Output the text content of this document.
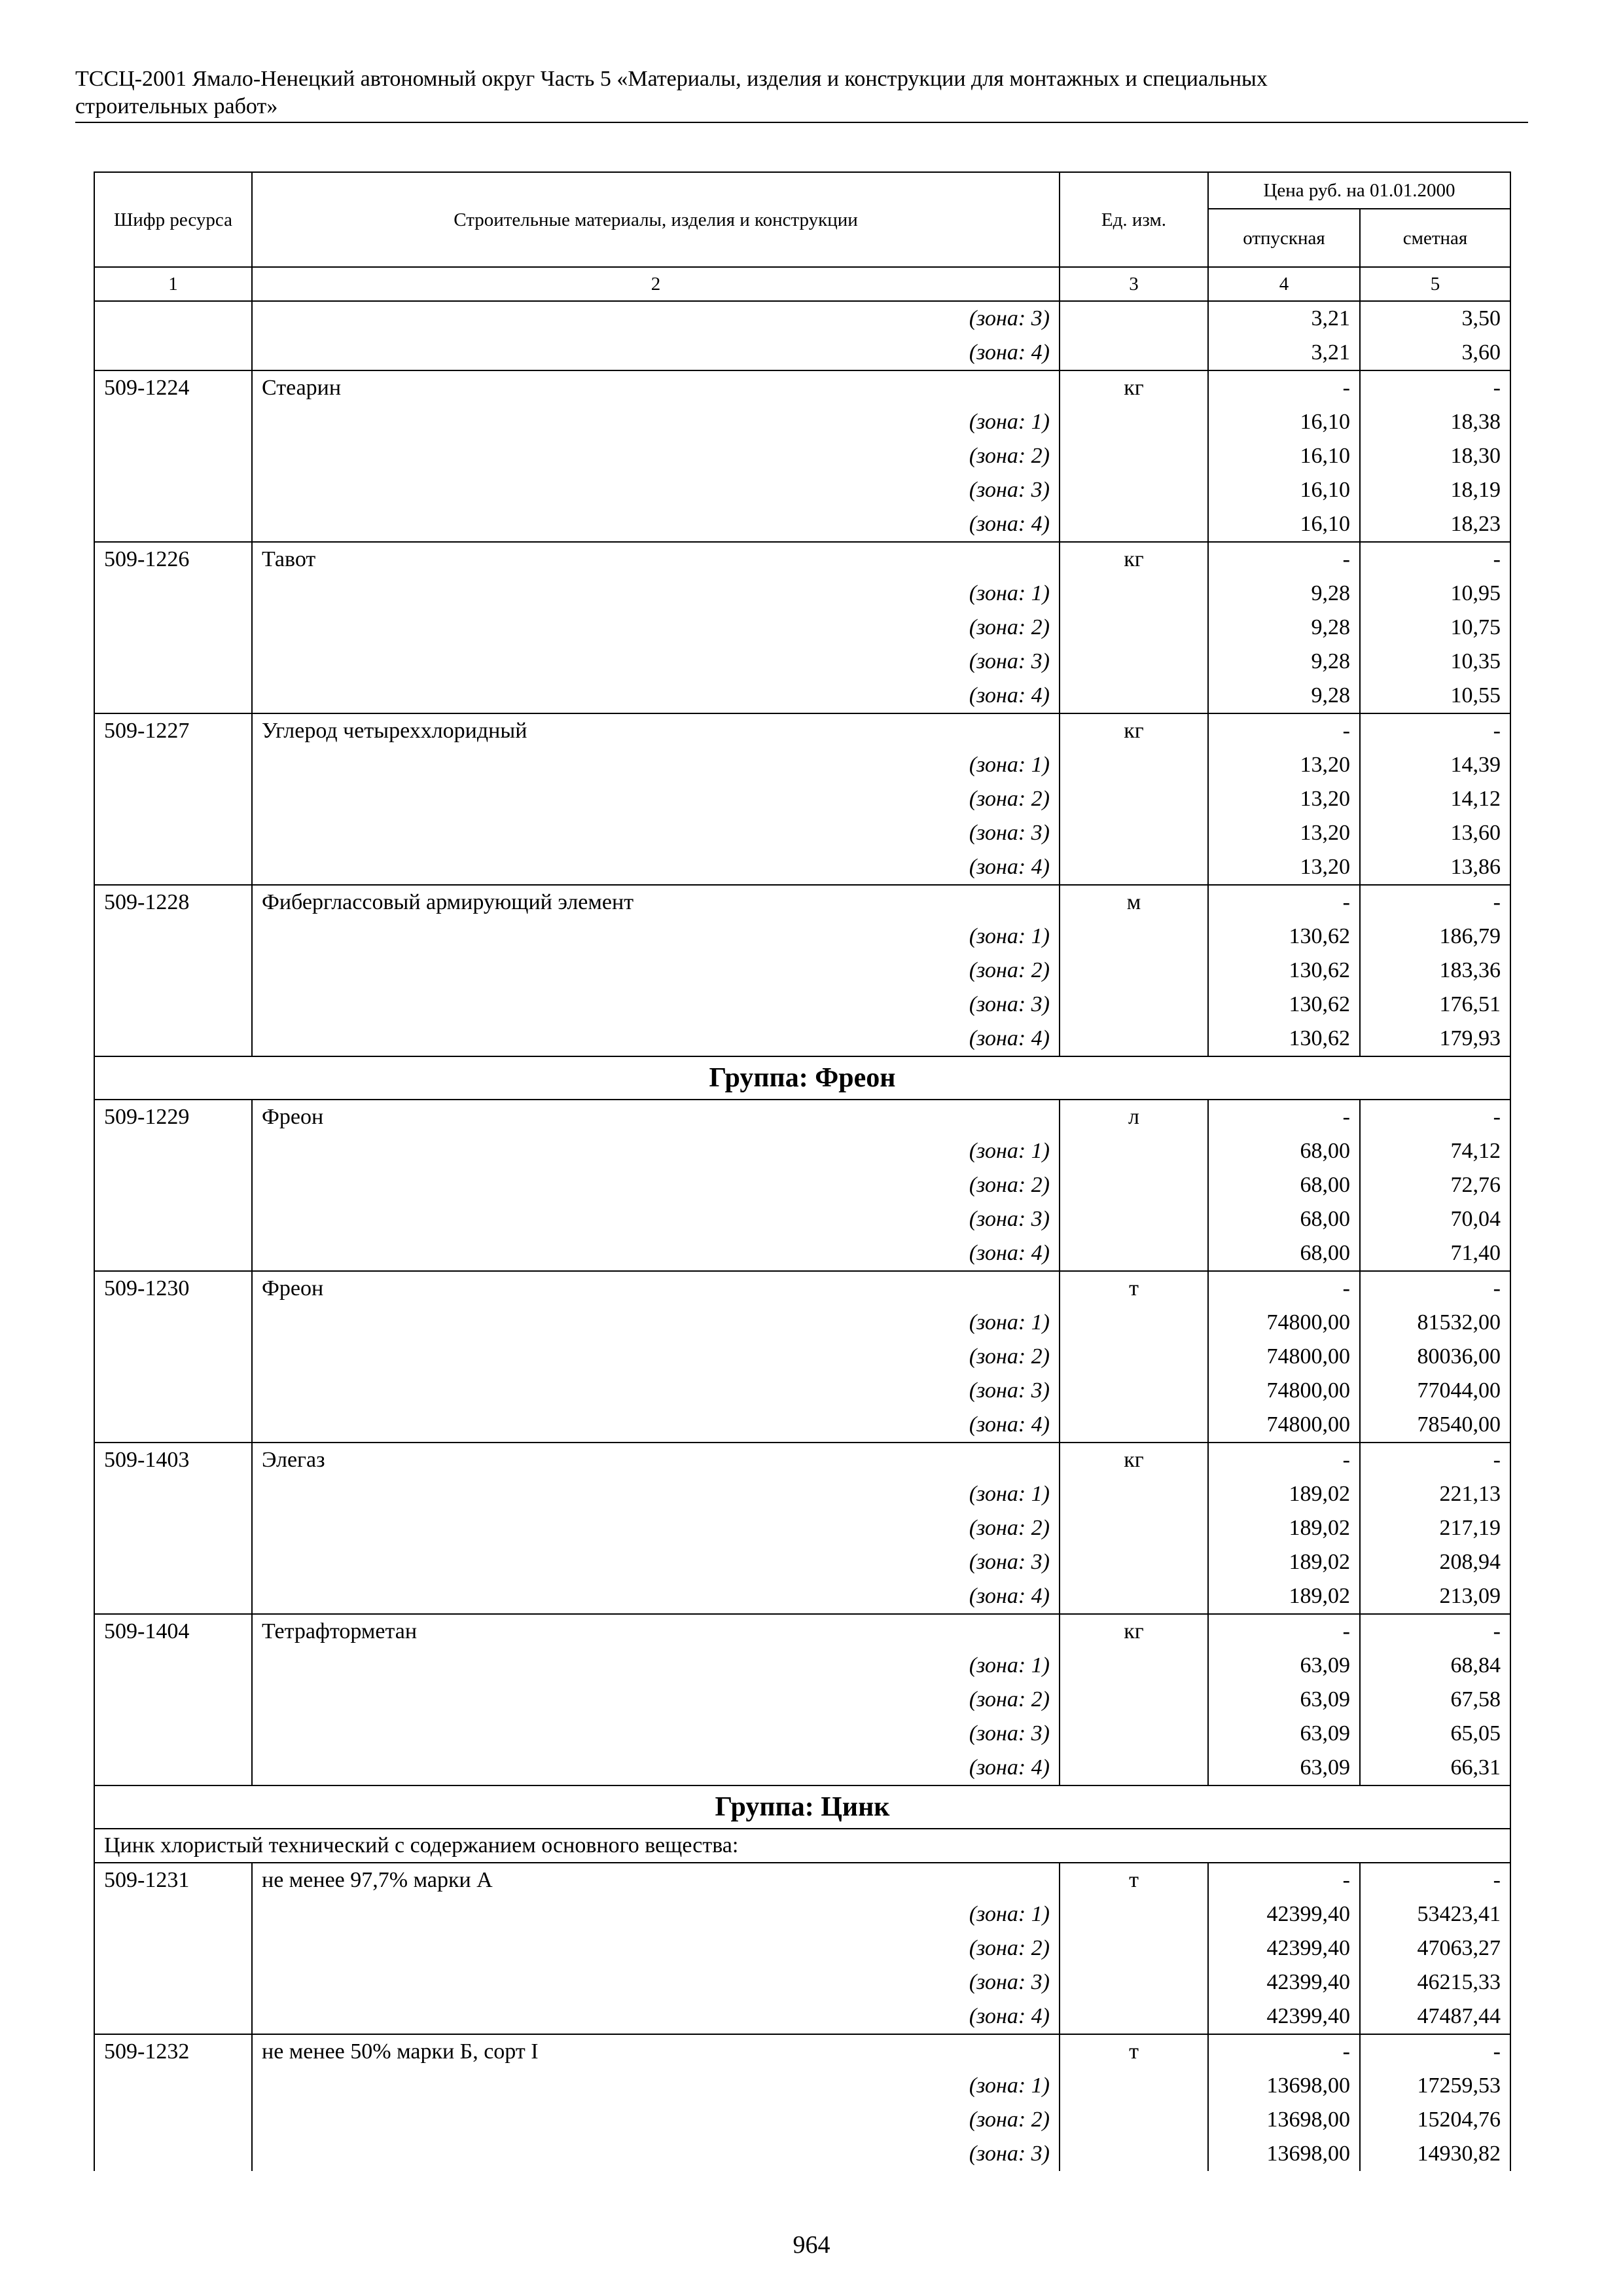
ТССЦ-2001 Ямало-Ненецкий автономный округ Часть 5 «Материалы, изделия и конструкции для монтажных и специальных
строительных работ»
Шифр ресурса	Строительные материалы, изделия и конструкции	Ед. изм.	Цена руб. на 01.01.2000	
			отпускная	сметная
1	2	3	4	5
	(зона: 3)		3,21	3,50
	(зона: 4)		3,21	3,60
509-1224	Стеарин	кг	-	-
	(зона: 1)		16,10	18,38
	(зона: 2)		16,10	18,30
	(зона: 3)		16,10	18,19
	(зона: 4)		16,10	18,23
509-1226	Тавот	кг	-	-
	(зона: 1)		9,28	10,95
	(зона: 2)		9,28	10,75
	(зона: 3)		9,28	10,35
	(зона: 4)		9,28	10,55
509-1227	Углерод четыреххлоридный	кг	-	-
	(зона: 1)		13,20	14,39
	(зона: 2)		13,20	14,12
	(зона: 3)		13,20	13,60
	(зона: 4)		13,20	13,86
509-1228	Фибергласcовый армирующий элемент	м	-	-
	(зона: 1)		130,62	186,79
	(зона: 2)		130,62	183,36
	(зона: 3)		130,62	176,51
	(зона: 4)		130,62	179,93
Группа: Фреон				
509-1229	Фреон	л	-	-
	(зона: 1)		68,00	74,12
	(зона: 2)		68,00	72,76
	(зона: 3)		68,00	70,04
	(зона: 4)		68,00	71,40
509-1230	Фреон	т	-	-
	(зона: 1)		74800,00	81532,00
	(зона: 2)		74800,00	80036,00
	(зона: 3)		74800,00	77044,00
	(зона: 4)		74800,00	78540,00
509-1403	Элегаз	кг	-	-
	(зона: 1)		189,02	221,13
	(зона: 2)		189,02	217,19
	(зона: 3)		189,02	208,94
	(зона: 4)		189,02	213,09
509-1404	Тетрафторметан	кг	-	-
	(зона: 1)		63,09	68,84
	(зона: 2)		63,09	67,58
	(зона: 3)		63,09	65,05
	(зона: 4)		63,09	66,31
Группа: Цинк				
Цинк хлористый технический с содержанием основного вещества:				
509-1231	не менее 97,7% марки А	т	-	-
	(зона: 1)		42399,40	53423,41
	(зона: 2)		42399,40	47063,27
	(зона: 3)		42399,40	46215,33
	(зона: 4)		42399,40	47487,44
509-1232	не менее 50% марки Б, сорт I	т	-	-
	(зона: 1)		13698,00	17259,53
	(зона: 2)		13698,00	15204,76
	(зона: 3)		13698,00	14930,82
964
